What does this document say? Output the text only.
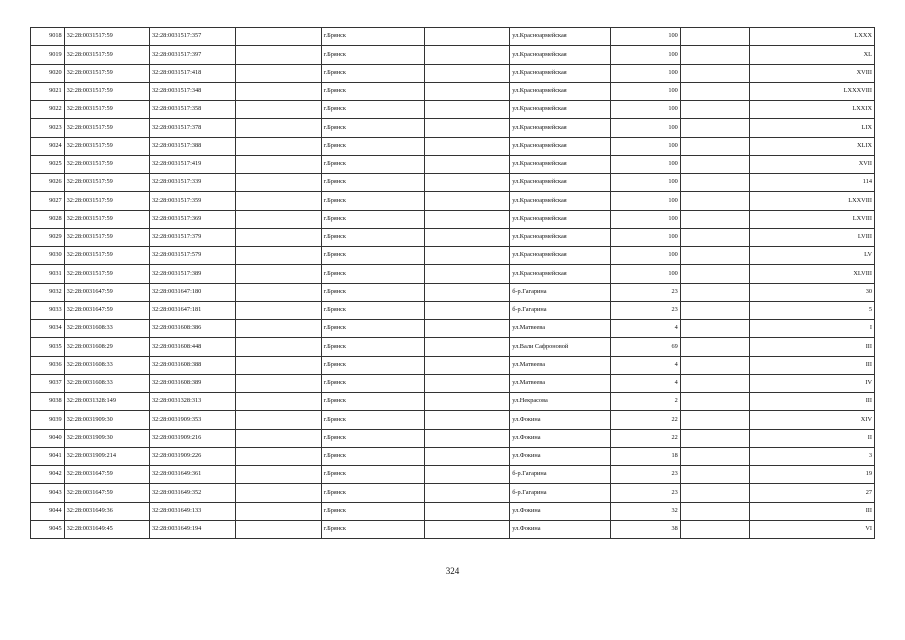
9018	32:28:0031517:59	32:28:0031517:357		г.Брянск		ул.Красноармейская	100		LXXX
9019	32:28:0031517:59	32:28:0031517:397		г.Брянск		ул.Красноармейская	100		XL
9020	32:28:0031517:59	32:28:0031517:418		г.Брянск		ул.Красноармейская	100		XVIII
9021	32:28:0031517:59	32:28:0031517:348		г.Брянск		ул.Красноармейская	100		LXXXVIII
9022	32:28:0031517:59	32:28:0031517:358		г.Брянск		ул.Красноармейская	100		LXXIX
9023	32:28:0031517:59	32:28:0031517:378		г.Брянск		ул.Красноармейская	100		LIX
9024	32:28:0031517:59	32:28:0031517:388		г.Брянск		ул.Красноармейская	100		XLIX
9025	32:28:0031517:59	32:28:0031517:419		г.Брянск		ул.Красноармейская	100		XVII
9026	32:28:0031517:59	32:28:0031517:339		г.Брянск		ул.Красноармейская	100		114
9027	32:28:0031517:59	32:28:0031517:359		г.Брянск		ул.Красноармейская	100		LXXVIII
9028	32:28:0031517:59	32:28:0031517:369		г.Брянск		ул.Красноармейская	100		LXVIII
9029	32:28:0031517:59	32:28:0031517:379		г.Брянск		ул.Красноармейская	100		LVIII
9030	32:28:0031517:59	32:28:0031517:579		г.Брянск		ул.Красноармейская	100		LV
9031	32:28:0031517:59	32:28:0031517:389		г.Брянск		ул.Красноармейская	100		XLVIII
9032	32:28:0031647:59	32:28:0031647:180		г.Брянск		б-р.Гагарина	23		30
9033	32:28:0031647:59	32:28:0031647:181		г.Брянск		б-р.Гагарина	23		5
9034	32:28:0031608:33	32:28:0031608:386		г.Брянск		ул.Матвеева	4		I
9035	32:28:0031608:29	32:28:0031608:448		г.Брянск		ул.Вали Сафроновой	69		III
9036	32:28:0031608:33	32:28:0031608:388		г.Брянск		ул.Матвеева	4		III
9037	32:28:0031608:33	32:28:0031608:389		г.Брянск		ул.Матвеева	4		IV
9038	32:28:0031328:149	32:28:0031328:313		г.Брянск		ул.Некрасова	2		III
9039	32:28:0031909:30	32:28:0031909:353		г.Брянск		ул.Фокина	22		XIV
9040	32:28:0031909:30	32:28:0031909:216		г.Брянск		ул.Фокина	22		II
9041	32:28:0031909:214	32:28:0031909:226		г.Брянск		ул.Фокина	18		3
9042	32:28:0031647:59	32:28:0031649:361		г.Брянск		б-р.Гагарина	23		19
9043	32:28:0031647:59	32:28:0031649:352		г.Брянск		б-р.Гагарина	23		27
9044	32:28:0031649:36	32:28:0031649:133		г.Брянск		ул.Фокина	32		III
9045	32:28:0031649:45	32:28:0031649:194		г.Брянск		ул.Фокина	38		VI
324
